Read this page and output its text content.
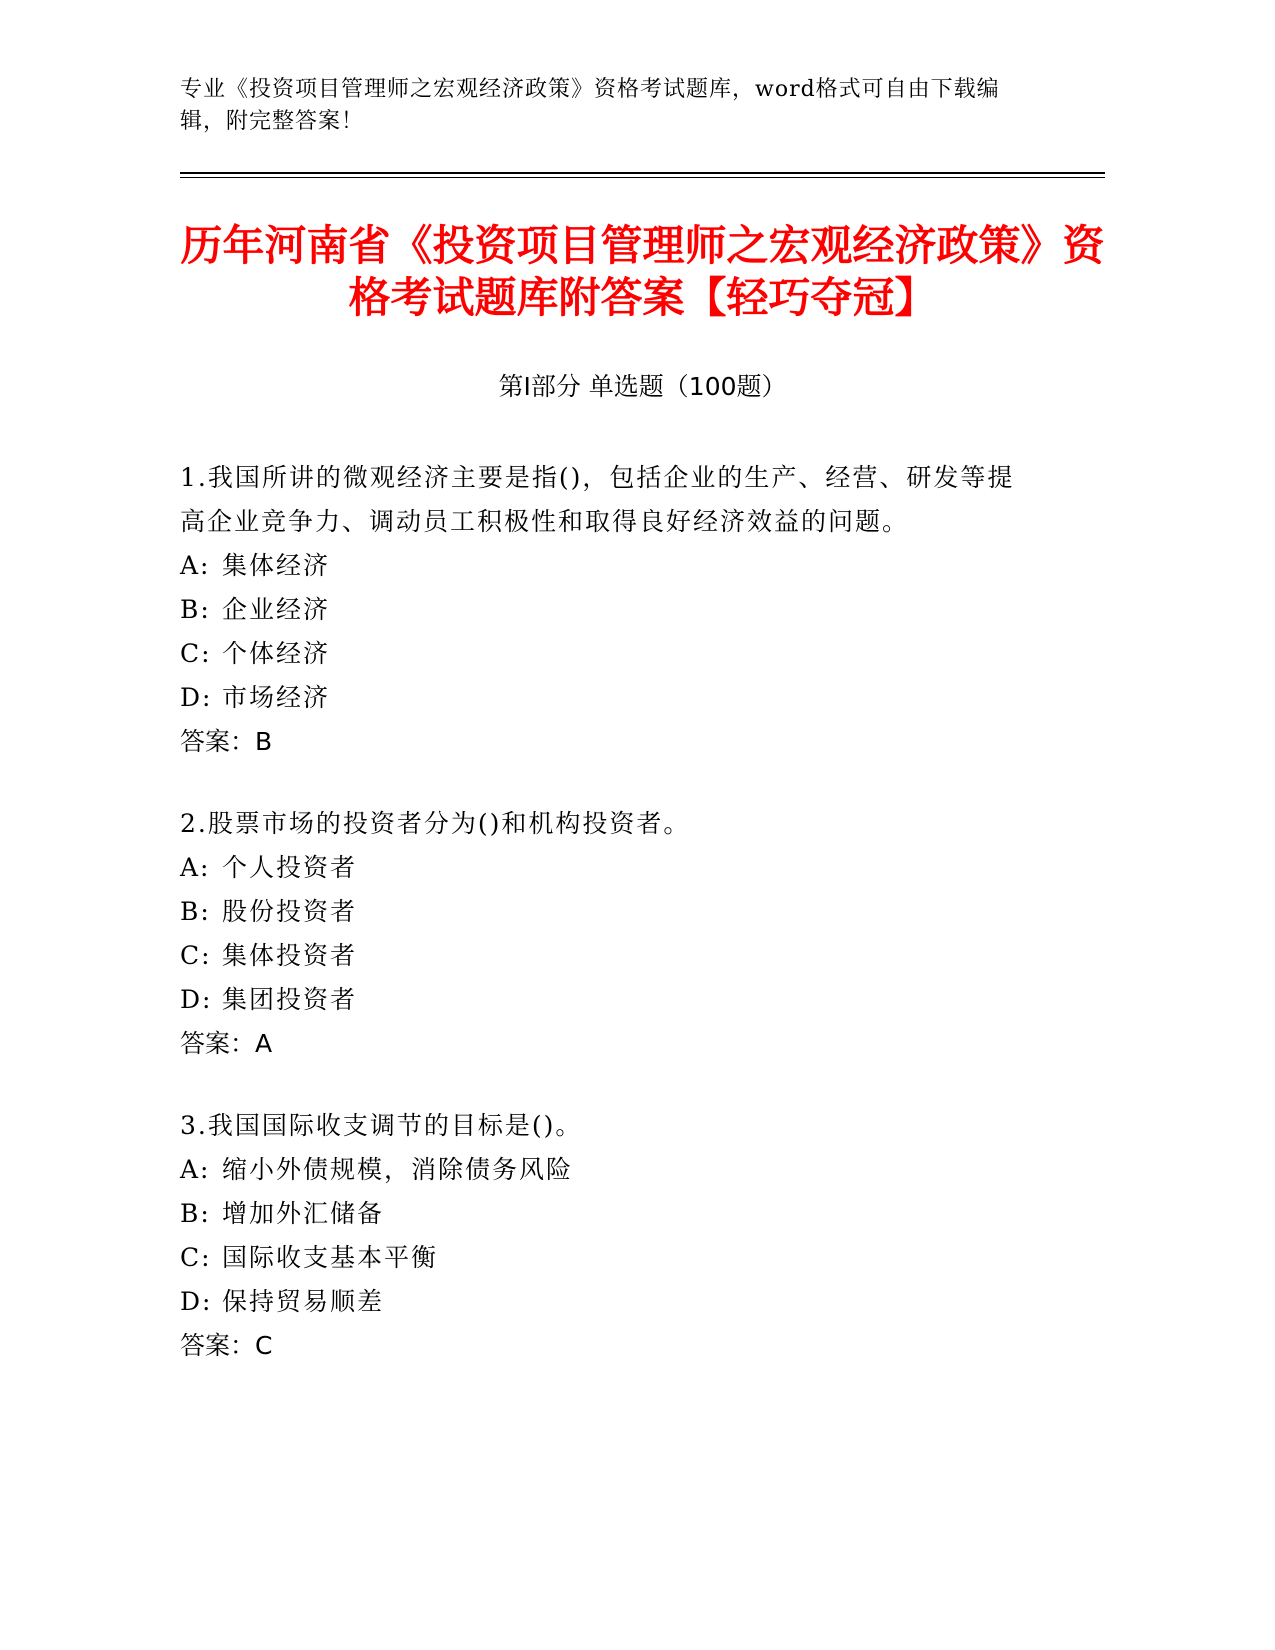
专业《投资项目管理师之宏观经济政策》资格考试题库，word格式可自由下载编辑，附完整答案！
历年河南省《投资项目管理师之宏观经济政策》资格考试题库附答案【轻巧夺冠】
第Ⅰ部分 单选题（100题）
1.我国所讲的微观经济主要是指()，包括企业的生产、经营、研发等提高企业竞争力、调动员工积极性和取得良好经济效益的问题。
A: 集体经济
B: 企业经济
C: 个体经济
D: 市场经济
答案：B
2.股票市场的投资者分为()和机构投资者。
A: 个人投资者
B: 股份投资者
C: 集体投资者
D: 集团投资者
答案：A
3.我国国际收支调节的目标是()。
A: 缩小外债规模，消除债务风险
B: 增加外汇储备
C: 国际收支基本平衡
D: 保持贸易顺差
答案：C
